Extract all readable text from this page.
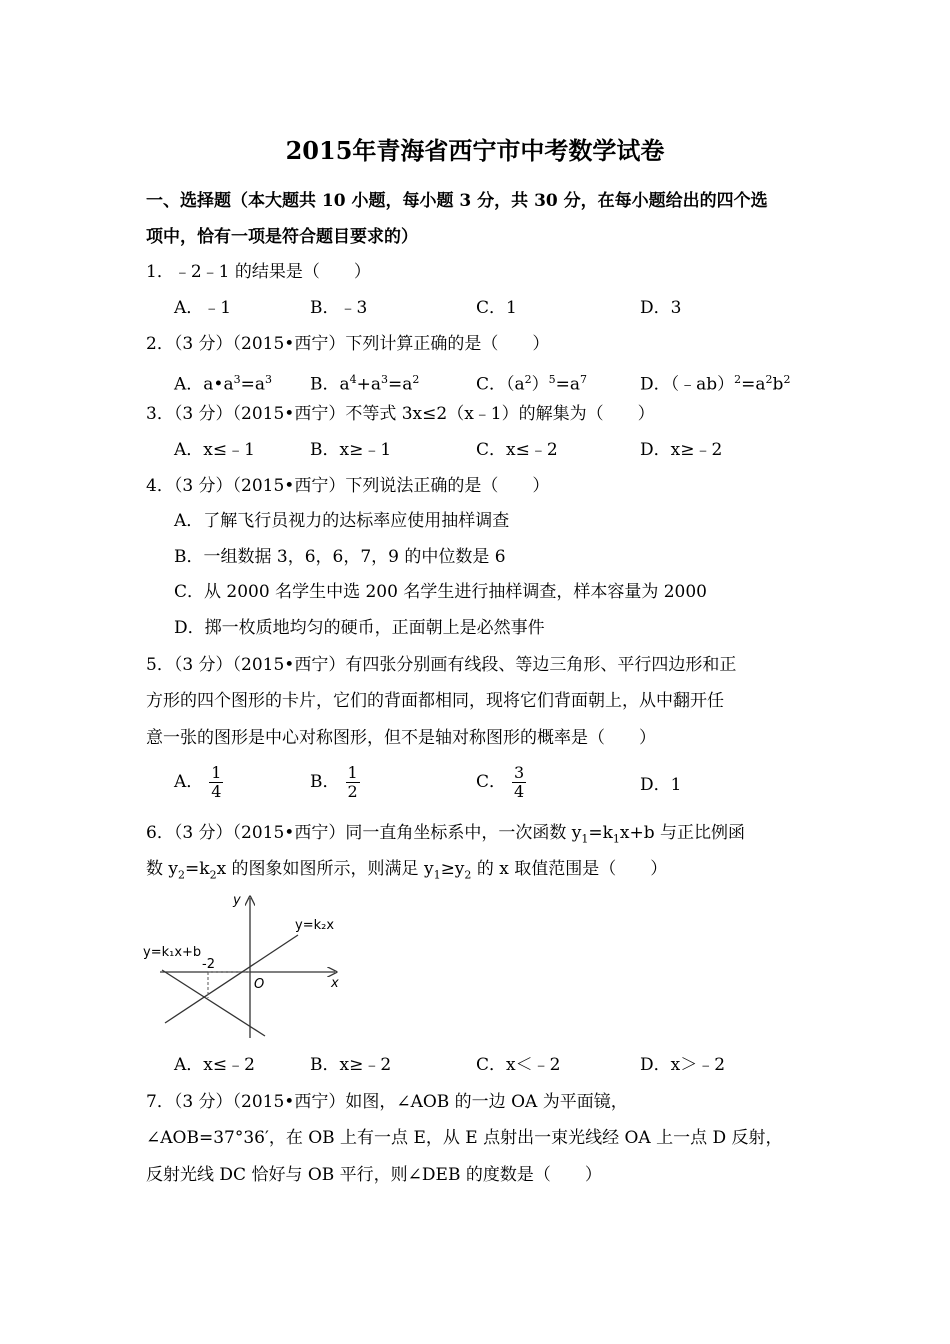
2015年青海省西宁市中考数学试卷
一、选择题（本大题共 10 小题，每小题 3 分，共 30 分，在每小题给出的四个选
项中，恰有一项是符合题目要求的）
1．﹣2﹣1 的结果是（　　）
A．﹣1	B．﹣3	C．1	D．3
2．（3 分）（2015•西宁）下列计算正确的是（　　）
A．$a•a^3=a^3$ B．$a^4+a^3=a^2$	C．$(a^2)^5=a^7$	D．$(﹣ab)^2=a^2b^2$
3．（3 分）（2015•西宁）不等式 3x≤2（x﹣1）的解集为（　　）
A．x≤﹣1	B．x≥﹣1	C．x≤﹣2	D．x≥﹣2
4．（3 分）（2015•西宁）下列说法正确的是（　　）
A．了解飞行员视力的达标率应使用抽样调查
B．一组数据 3，6，6，7，9 的中位数是 6
C．从 2000 名学生中选 200 名学生进行抽样调查，样本容量为 2000
D．掷一枚质地均匀的硬币，正面朝上是必然事件
5．（3 分）（2015•西宁）有四张分别画有线段、等边三角形、平行四边形和正
方形的四个图形的卡片，它们的背面都相同，现将它们背面朝上，从中翻开任
意一张的图形是中心对称图形，但不是轴对称图形的概率是（　　）
A． $\frac{1}{4}$	B． $\frac{1}{2}$	C． $\frac{3}{4}$	D．1
6．（3 分）（2015•西宁）同一直角坐标系中，一次函数 $y_1=k_1x+b$ 与正比例函
数 $y_2=k_2x$ 的图象如图所示，则满足 $y_1\ge y_2$ 的 x 取值范围是（　　）
y
x
O
-2
y=k₁x+b
y=k₂x
A．x≤﹣2	B．x≥﹣2	C．x＜﹣2	D．x＞﹣2
7．（3 分）（2015•西宁）如图，∠AOB 的一边 OA 为平面镜，
∠AOB=37°36′，在 OB 上有一点 E，从 E 点射出一束光线经 OA 上一点 D 反射，
反射光线 DC 恰好与 OB 平行，则∠DEB 的度数是（　　）
